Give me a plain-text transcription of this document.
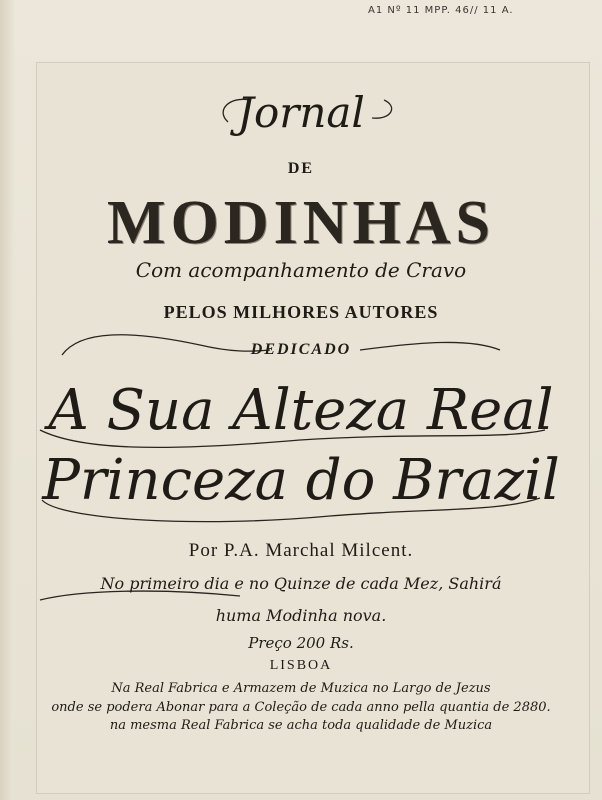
A1 Nº 11 MPP. 46// 11 A.
Jornal
DE
MODINHAS
Com acompanhamento de Cravo
PELOS MILHORES AUTORES
DEDICADO
A Sua Alteza Real
Princeza do Brazil
Por P.A. Marchal Milcent.
No primeiro dia e no Quinze de cada Mez, Sahirá
huma Modinha nova.
Preço 200 Rs.
LISBOA
Na Real Fabrica e Armazem de Muzica no Largo de Jezus
onde se podera Abonar para a Coleção de cada anno pella quantia de 2880.
na mesma Real Fabrica se acha toda qualidade de Muzica
